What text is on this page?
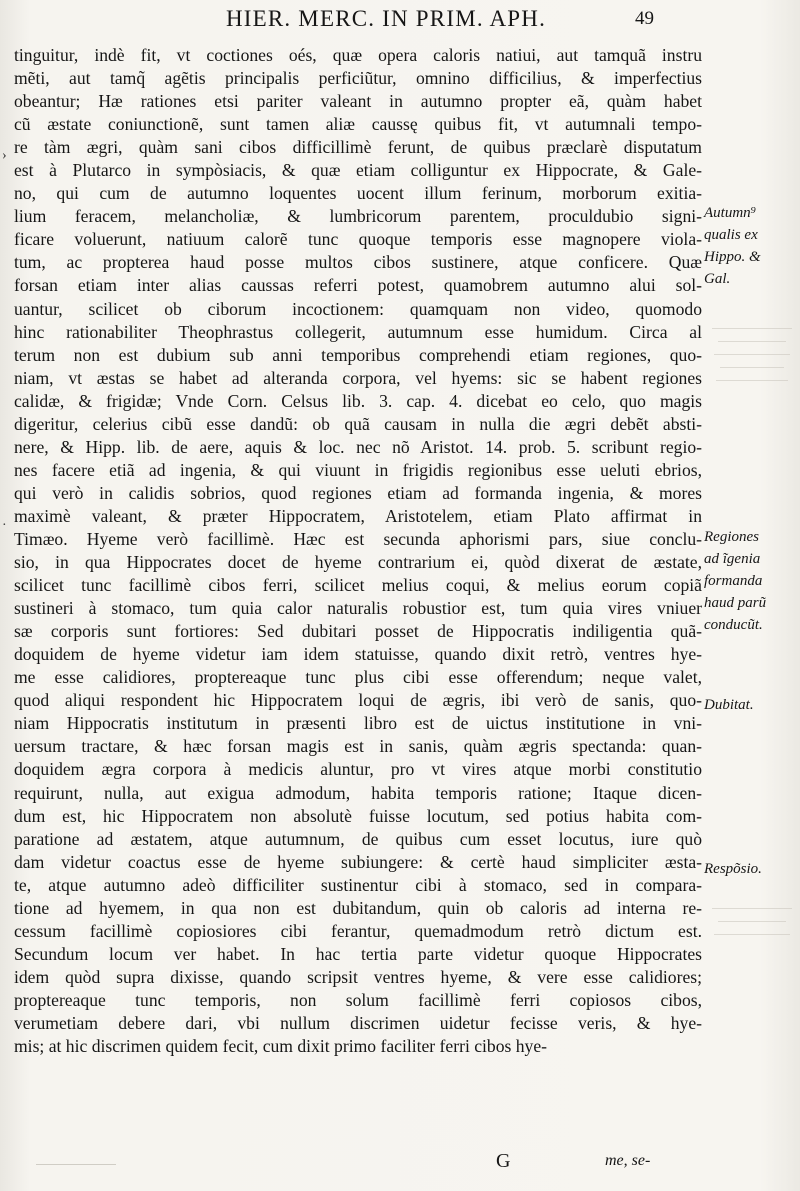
HIER. MERC. IN PRIM. APH.	49
tinguitur, indè fit, vt coctiones oés, quæ opera caloris natiui, aut tamquã instru
mẽti, aut tamq̃ agẽtis principalis perficiũtur, omnino difficilius, & imperfectius
obeantur; Hæ rationes etsi pariter valeant in autumno propter eã, quàm habet
cũ æstate coniunctionẽ, sunt tamen aliæ caussę quibus fit, vt autumnali tempo-
re tàm ægri, quàm sani cibos difficillimè ferunt, de quibus præclarè disputatum
est à Plutarco in sympòsiacis, & quæ etiam colliguntur ex Hippocrate, & Gale-
no, qui cum de autumno loquentes uocent illum ferinum, morborum exitia-
lium feracem, melancholiæ, & lumbricorum parentem, proculdubio signi-
ficare voluerunt, natiuum calorẽ tunc quoque temporis esse magnopere viola-
tum, ac propterea haud posse multos cibos sustinere, atque conficere. Quæ
forsan etiam inter alias caussas referri potest, quamobrem autumno alui sol-
uantur, scilicet ob ciborum incoctionem: quamquam non video, quomodo
hinc rationabiliter Theophrastus collegerit, autumnum esse humidum. Circa al
terum non est dubium sub anni temporibus comprehendi etiam regiones, quo-
niam, vt æstas se habet ad alteranda corpora, vel hyems: sic se habent regiones
calidæ, & frigidæ; Vnde Corn. Celsus lib. 3. cap. 4. dicebat eo celo, quo magis
digeritur, celerius cibũ esse dandũ: ob quã causam in nulla die ægri debẽt absti-
nere, & Hipp. lib. de aere, aquis & loc. nec nõ Aristot. 14. prob. 5. scribunt regio-
nes facere etiã ad ingenia, & qui viuunt in frigidis regionibus esse ueluti ebrios,
qui verò in calidis sobrios, quod regiones etiam ad formanda ingenia, & mores
maximè valeant, & præter Hippocratem, Aristotelem, etiam Plato affirmat in
Timæo. Hyeme verò facillimè. Hæc est secunda aphorismi pars, siue conclu-
sio, in qua Hippocrates docet de hyeme contrarium ei, quòd dixerat de æstate,
scilicet tunc facillimè cibos ferri, scilicet melius coqui, & melius eorum copiã
sustineri à stomaco, tum quia calor naturalis robustior est, tum quia vires vniuer
sæ corporis sunt fortiores: Sed dubitari posset de Hippocratis indiligentia quã-
doquidem de hyeme videtur iam idem statuisse, quando dixit retrò, ventres hye-
me esse calidiores, proptereaque tunc plus cibi esse offerendum; neque valet,
quod aliqui respondent hic Hippocratem loqui de ægris, ibi verò de sanis, quo-
niam Hippocratis institutum in præsenti libro est de uictus institutione in vni-
uersum tractare, & hæc forsan magis est in sanis, quàm ægris spectanda: quan-
doquidem ægra corpora à medicis aluntur, pro vt vires atque morbi constitutio
requirunt, nulla, aut exigua admodum, habita temporis ratione; Itaque dicen-
dum est, hic Hippocratem non absolutè fuisse locutum, sed potius habita com-
paratione ad æstatem, atque autumnum, de quibus cum esset locutus, iure quò
dam videtur coactus esse de hyeme subiungere: & certè haud simpliciter æsta-
te, atque autumno adeò difficiliter sustinentur cibi à stomaco, sed in compara-
tione ad hyemem, in qua non est dubitandum, quin ob caloris ad interna re-
cessum facillimè copiosiores cibi ferantur, quemadmodum retrò dictum est.
Secundum locum ver habet. In hac tertia parte videtur quoque Hippocrates
idem quòd supra dixisse, quando scripsit ventres hyeme, & vere esse calidiores;
proptereaque tunc temporis, non solum facillimè ferri copiosos cibos,
verumetiam debere dari, vbi nullum discrimen uidetur fecisse veris, & hye-
mis; at hic discrimen quidem fecit, cum dixit primo faciliter ferri cibos hye-
Autumn⁹
qualis ex
Hippo. &
Gal.
Regiones
ad ĩgenia
formanda
haud parũ
conducũt.
Dubitat.
Respõsio.
›
·
G	me, se-
